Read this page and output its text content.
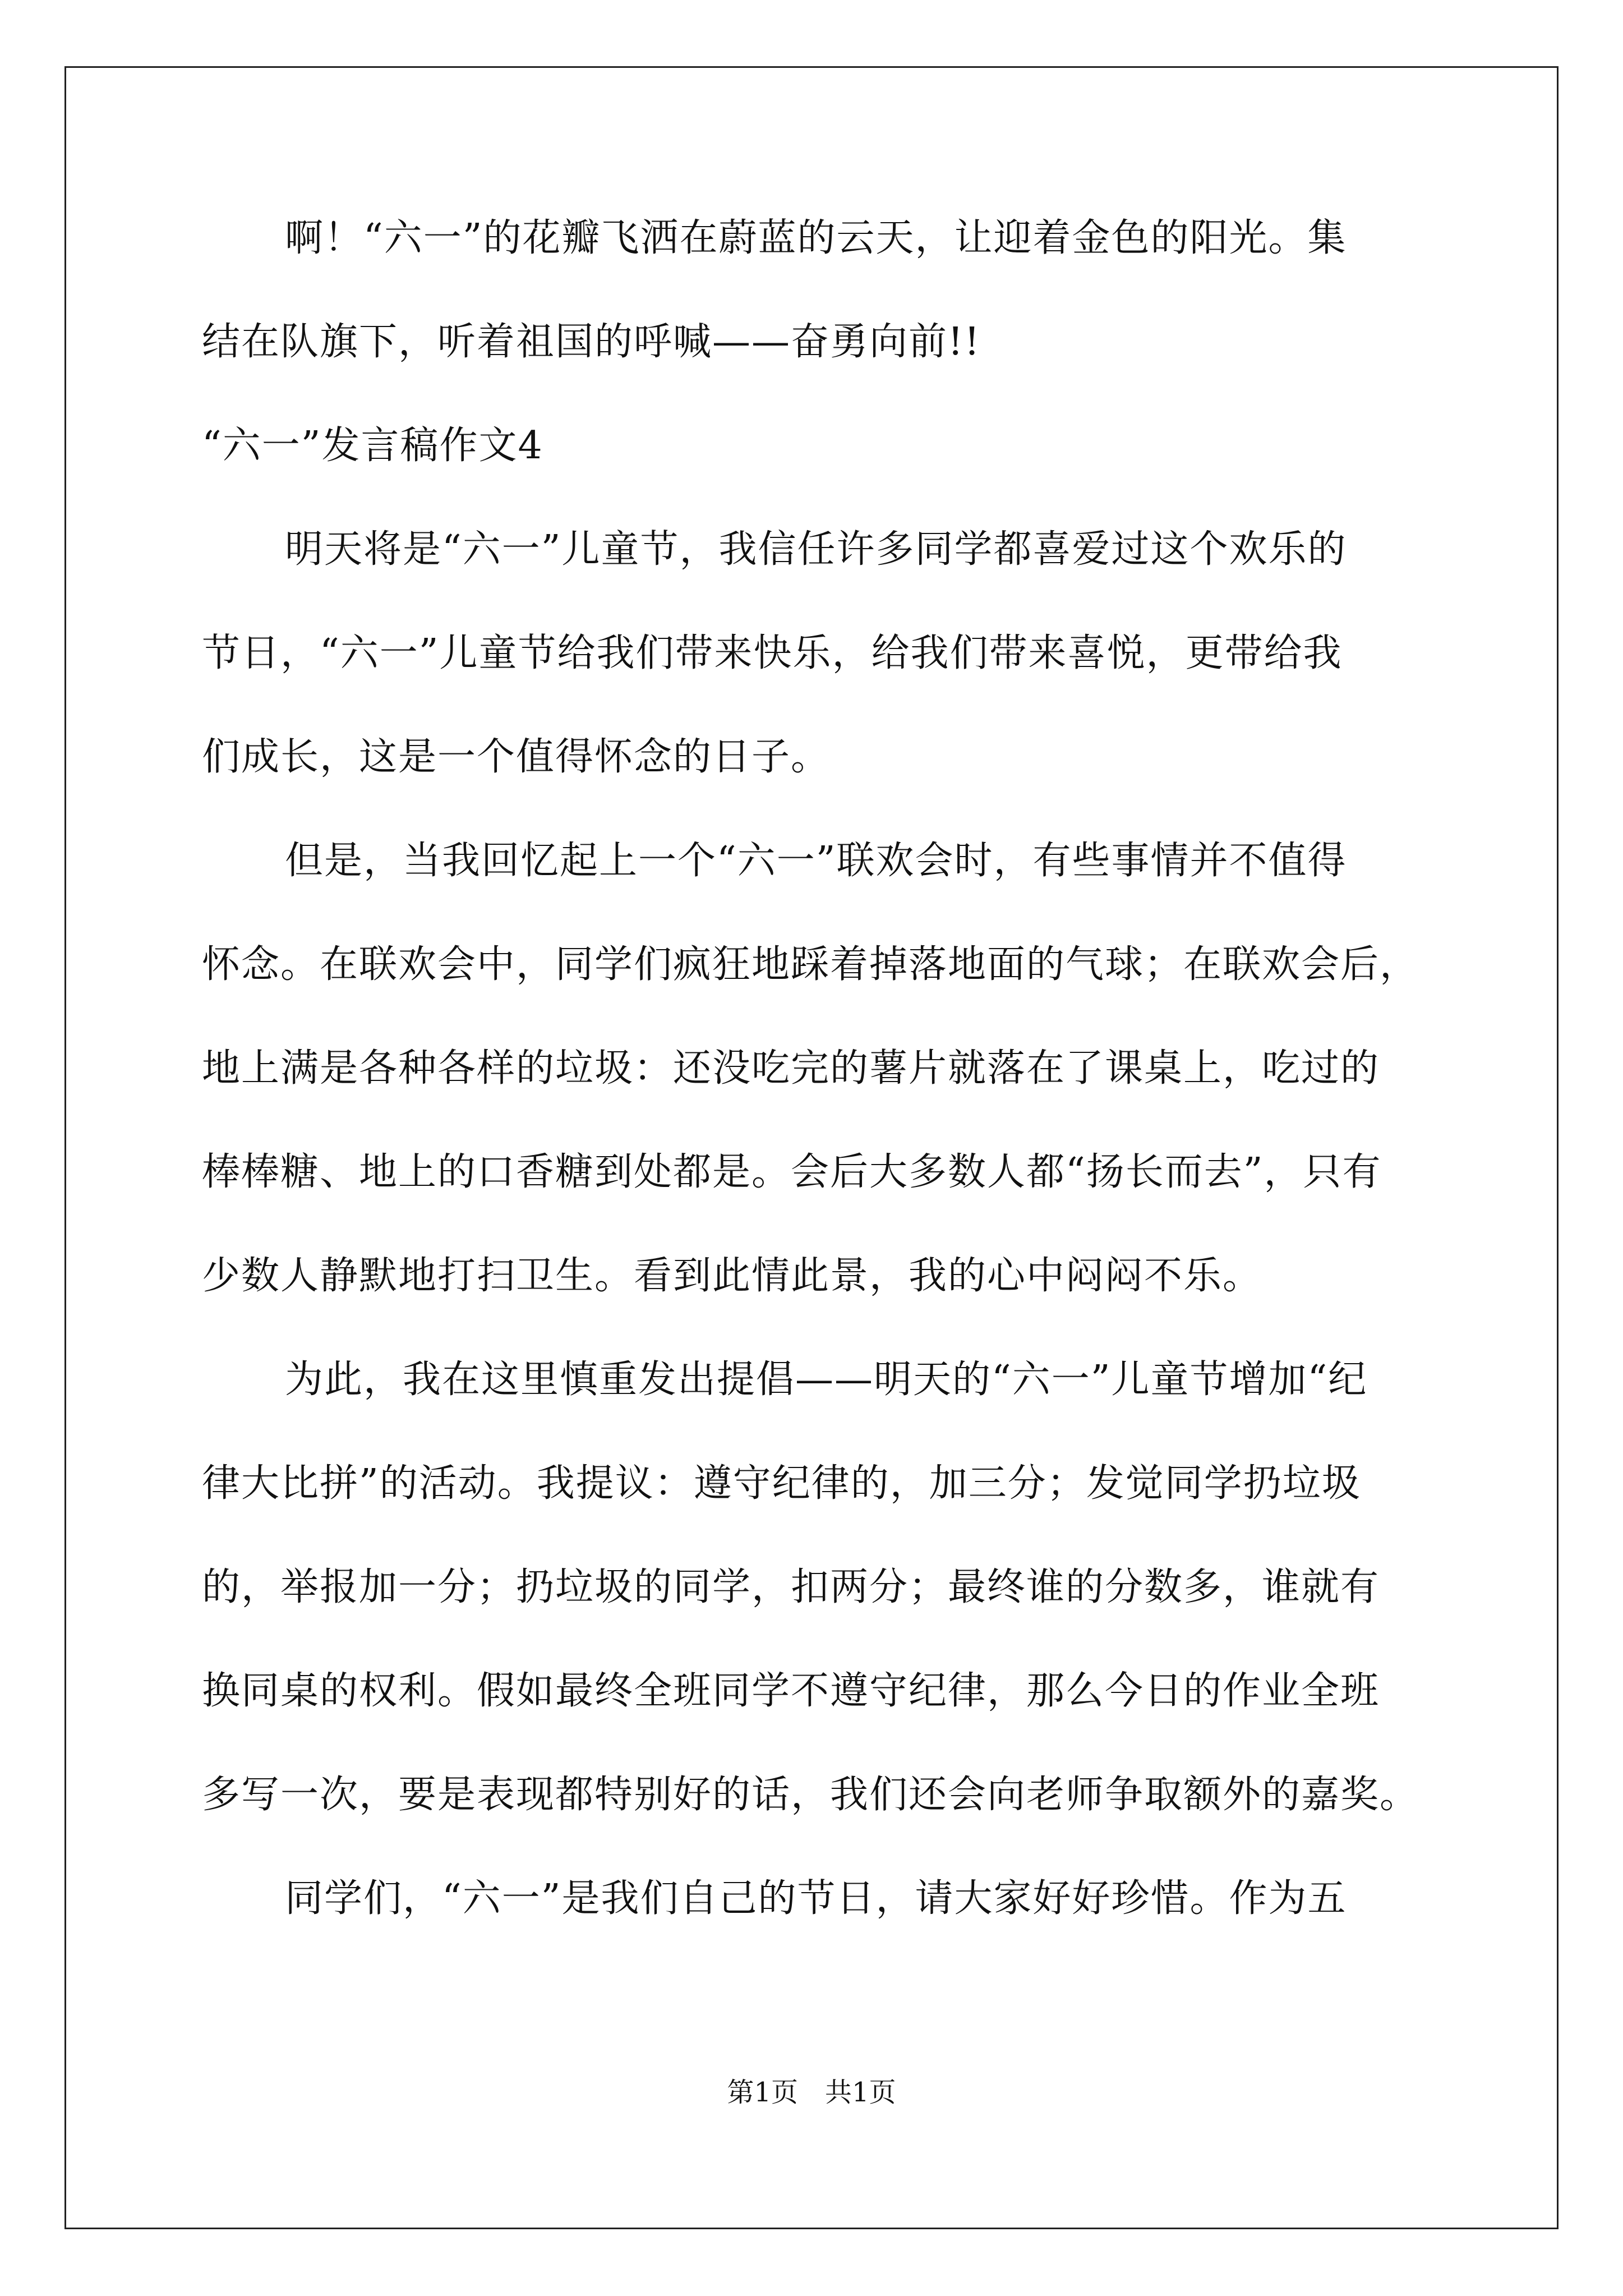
啊！“六一”的花瓣飞洒在蔚蓝的云天，让迎着金色的阳光。集
结在队旗下，听着祖国的呼喊——奋勇向前!!
“六一”发言稿作文4
明天将是“六一”儿童节，我信任许多同学都喜爱过这个欢乐的
节日，“六一”儿童节给我们带来快乐，给我们带来喜悦，更带给我
们成长，这是一个值得怀念的日子。
但是，当我回忆起上一个“六一”联欢会时，有些事情并不值得
怀念。在联欢会中，同学们疯狂地踩着掉落地面的气球；在联欢会后，
地上满是各种各样的垃圾：还没吃完的薯片就落在了课桌上，吃过的
棒棒糖、地上的口香糖到处都是。会后大多数人都“扬长而去”，只有
少数人静默地打扫卫生。看到此情此景，我的心中闷闷不乐。
为此，我在这里慎重发出提倡——明天的“六一”儿童节增加“纪
律大比拼”的活动。我提议：遵守纪律的，加三分；发觉同学扔垃圾
的，举报加一分；扔垃圾的同学，扣两分；最终谁的分数多，谁就有
换同桌的权利。假如最终全班同学不遵守纪律，那么今日的作业全班
多写一次，要是表现都特别好的话，我们还会向老师争取额外的嘉奖。
同学们，“六一”是我们自己的节日，请大家好好珍惜。作为五
第1页　共1页
